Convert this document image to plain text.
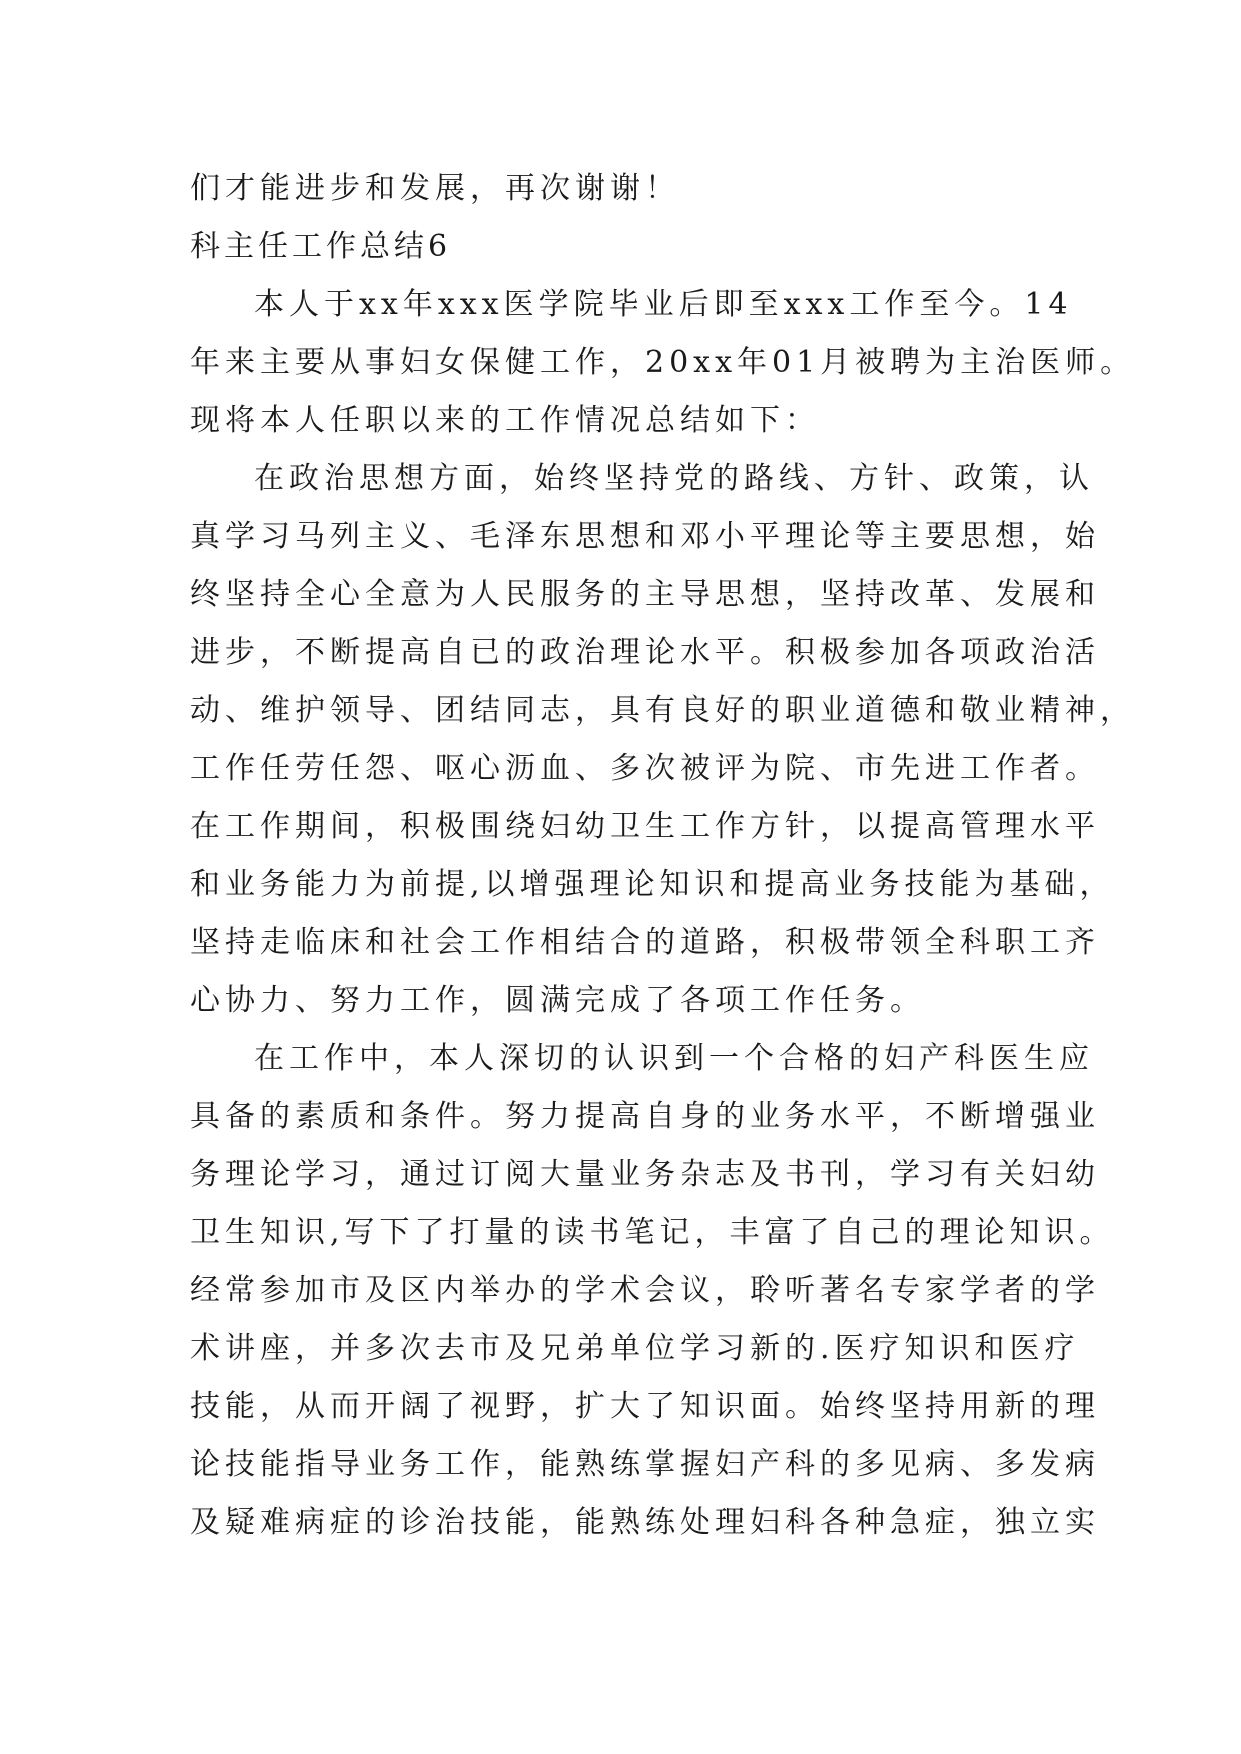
们才能进步和发展，再次谢谢！
科主任工作总结6
本人于xx年xxx医学院毕业后即至xxx工作至今。14
年来主要从事妇女保健工作，20xx年01月被聘为主治医师。
现将本人任职以来的工作情况总结如下：
在政治思想方面，始终坚持党的路线、方针、政策，认
真学习马列主义、毛泽东思想和邓小平理论等主要思想，始
终坚持全心全意为人民服务的主导思想，坚持改革、发展和
进步，不断提高自已的政治理论水平。积极参加各项政治活
动、维护领导、团结同志，具有良好的职业道德和敬业精神，
工作任劳任怨、呕心沥血、多次被评为院、市先进工作者。
在工作期间，积极围绕妇幼卫生工作方针，以提高管理水平
和业务能力为前提,以增强理论知识和提高业务技能为基础，
坚持走临床和社会工作相结合的道路，积极带领全科职工齐
心协力、努力工作，圆满完成了各项工作任务。
在工作中，本人深切的认识到一个合格的妇产科医生应
具备的素质和条件。努力提高自身的业务水平，不断增强业
务理论学习，通过订阅大量业务杂志及书刊，学习有关妇幼
卫生知识,写下了打量的读书笔记，丰富了自己的理论知识。
经常参加市及区内举办的学术会议，聆听著名专家学者的学
术讲座，并多次去市及兄弟单位学习新的.医疗知识和医疗
技能，从而开阔了视野，扩大了知识面。始终坚持用新的理
论技能指导业务工作，能熟练掌握妇产科的多见病、多发病
及疑难病症的诊治技能，能熟练处理妇科各种急症，独立实
